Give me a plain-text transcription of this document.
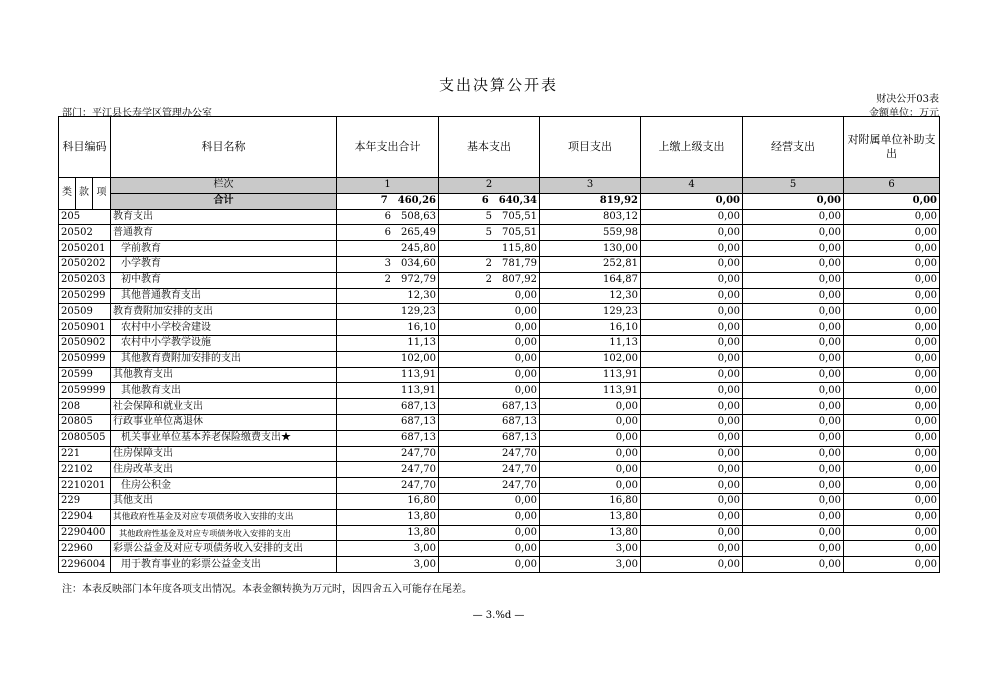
支出决算公开表
财决公开03表
部门：平江县长寿学区管理办公室	金额单位：万元
科目编码			科目名称	本年支出合计	基本支出	项目支出	上缴上级支出	经营支出	对附属单位补助支出
类	款	项	栏次	1	2	3	4	5	6
			合计	7　460,26	6　640,34	819,92	0,00	0,00	0,00
205			教育支出	6　508,63	5　705,51	803,12	0,00	0,00	0,00
20502			普通教育	6　265,49	5　705,51	559,98	0,00	0,00	0,00
2050201			学前教育	245,80	115,80	130,00	0,00	0,00	0,00
2050202			小学教育	3　034,60	2　781,79	252,81	0,00	0,00	0,00
2050203			初中教育	2　972,79	2　807,92	164,87	0,00	0,00	0,00
2050299			其他普通教育支出	12,30	0,00	12,30	0,00	0,00	0,00
20509			教育费附加安排的支出	129,23	0,00	129,23	0,00	0,00	0,00
2050901			农村中小学校舍建设	16,10	0,00	16,10	0,00	0,00	0,00
2050902			农村中小学教学设施	11,13	0,00	11,13	0,00	0,00	0,00
2050999			其他教育费附加安排的支出	102,00	0,00	102,00	0,00	0,00	0,00
20599			其他教育支出	113,91	0,00	113,91	0,00	0,00	0,00
2059999			其他教育支出	113,91	0,00	113,91	0,00	0,00	0,00
208			社会保障和就业支出	687,13	687,13	0,00	0,00	0,00	0,00
20805			行政事业单位离退休	687,13	687,13	0,00	0,00	0,00	0,00
2080505			机关事业单位基本养老保险缴费支出★	687,13	687,13	0,00	0,00	0,00	0,00
221			住房保障支出	247,70	247,70	0,00	0,00	0,00	0,00
22102			住房改革支出	247,70	247,70	0,00	0,00	0,00	0,00
2210201			住房公积金	247,70	247,70	0,00	0,00	0,00	0,00
229			其他支出	16,80	0,00	16,80	0,00	0,00	0,00
22904			其他政府性基金及对应专项债务收入安排的支出	13,80	0,00	13,80	0,00	0,00	0,00
2290400			其他政府性基金及对应专项债务收入安排的支出	13,80	0,00	13,80	0,00	0,00	0,00
22960			彩票公益金及对应专项债务收入安排的支出	3,00	0,00	3,00	0,00	0,00	0,00
2296004			用于教育事业的彩票公益金支出	3,00	0,00	3,00	0,00	0,00	0,00
注：本表反映部门本年度各项支出情况。本表金额转换为万元时，因四舍五入可能存在尾差。
— 3.%d —
